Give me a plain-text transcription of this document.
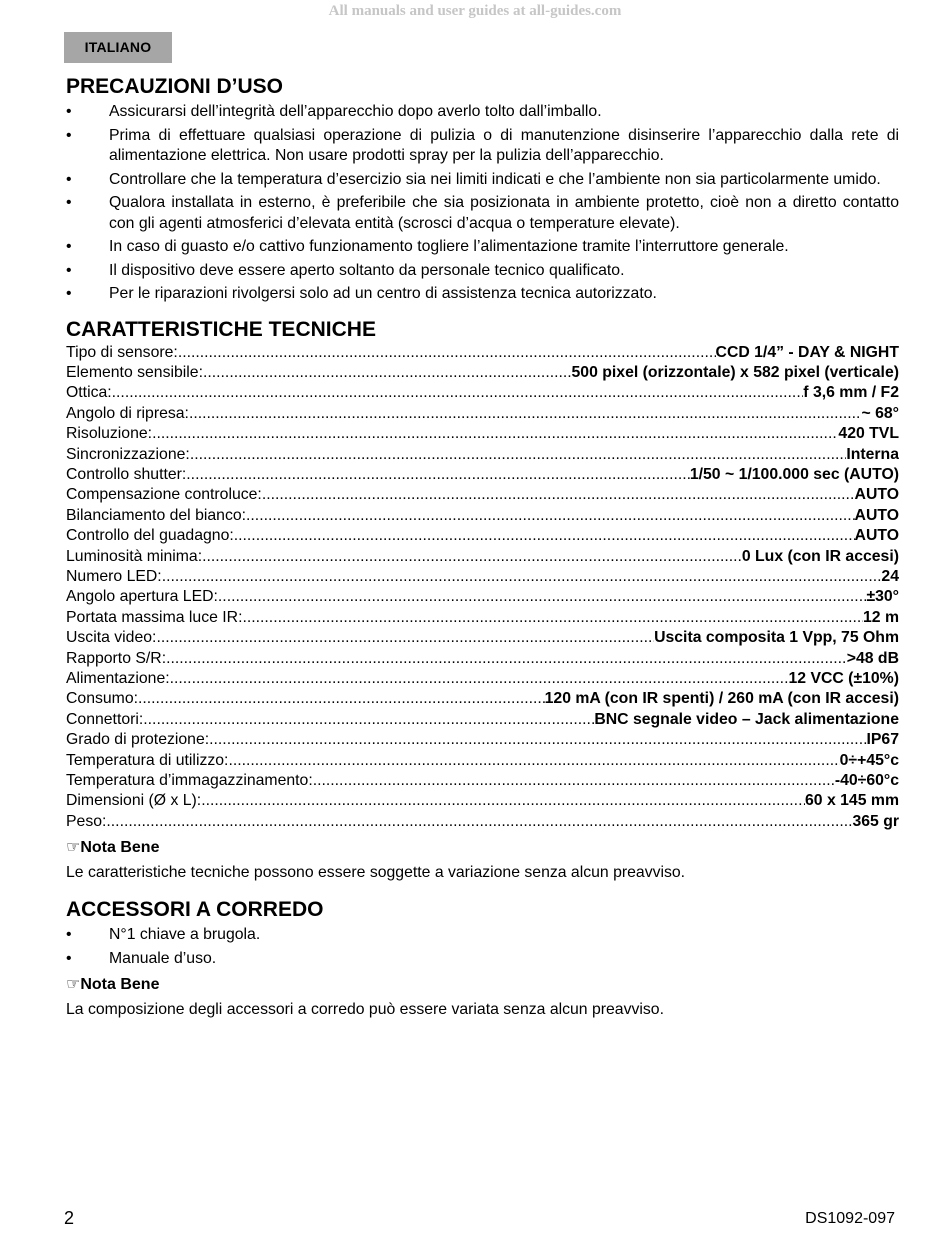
All manuals and user guides at all-guides.com
ITALIANO
PRECAUZIONI D’USO
• Assicurarsi dell’integrità dell’apparecchio dopo averlo tolto dall’imballo.
• Prima di effettuare qualsiasi operazione di pulizia o di manutenzione disinserire l’apparecchio dalla rete di alimentazione elettrica. Non usare prodotti spray per la pulizia dell’apparecchio.
• Controllare che la temperatura d’esercizio sia nei limiti indicati e che l’ambiente non sia particolarmente umido.
• Qualora installata in esterno, è preferibile che sia posizionata in ambiente protetto, cioè non a diretto contatto con gli agenti atmosferici d’elevata entità (scrosci d’acqua o temperature elevate).
• In caso di guasto e/o cattivo funzionamento togliere l’alimentazione tramite l’interruttore generale.
• Il dispositivo deve essere aperto soltanto da personale tecnico qualificato.
• Per le riparazioni rivolgersi solo ad un centro di assistenza tecnica autorizzato.
CARATTERISTICHE TECNICHE
Tipo di sensore: .....	CCD 1/4” - DAY & NIGHT
Elemento sensibile: .....	500 pixel (orizzontale) x 582 pixel (verticale)
Ottica: .....	f 3,6 mm / F2
Angolo di ripresa: .....	~ 68°
Risoluzione: .....	420 TVL
Sincronizzazione: .....	Interna
Controllo shutter: .....	1/50 ~ 1/100.000 sec (AUTO)
Compensazione controluce: .....	AUTO
Bilanciamento del bianco: .....	AUTO
Controllo del guadagno: .....	AUTO
Luminosità minima: .....	0 Lux (con IR accesi)
Numero LED: .....	24
Angolo apertura LED: .....	±30°
Portata massima luce IR: .....	12 m
Uscita video: .....	Uscita composita 1 Vpp, 75 Ohm
Rapporto S/R: .....	>48 dB
Alimentazione: .....	12 VCC (±10%)
Consumo: .....	120 mA (con IR spenti) / 260 mA (con IR accesi)
Connettori: .....	BNC segnale video – Jack alimentazione
Grado di protezione: .....	IP67
Temperatura di utilizzo: .....	0÷+45°c
Temperatura d’immagazzinamento: .....	-40÷60°c
Dimensioni (Ø x L): .....	60 x 145 mm
Peso: .....	365 gr
☞Nota Bene
Le caratteristiche tecniche possono essere soggette a variazione senza alcun preavviso.
ACCESSORI A CORREDO
• N°1 chiave a brugola.
• Manuale d’uso.
☞Nota Bene
La composizione degli accessori a corredo può essere variata senza alcun preavviso.
2	DS1092-097
